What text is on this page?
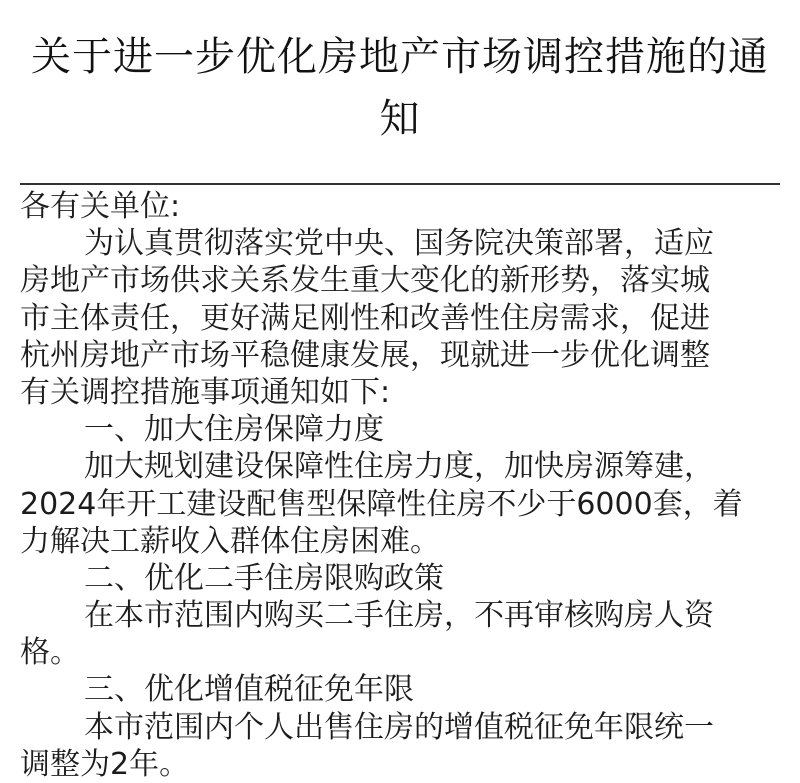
关于进一步优化房地产市场调控措施的通
知
各有关单位:
为认真贯彻落实党中央、国务院决策部署，适应
房地产市场供求关系发生重大变化的新形势，落实城
市主体责任，更好满足刚性和改善性住房需求，促进
杭州房地产市场平稳健康发展，现就进一步优化调整
有关调控措施事项通知如下:
一、加大住房保障力度
加大规划建设保障性住房力度，加快房源筹建，
2024年开工建设配售型保障性住房不少于6000套，着
力解决工薪收入群体住房困难。
二、优化二手住房限购政策
在本市范围内购买二手住房，不再审核购房人资
格。
三、优化增值税征免年限
本市范围内个人出售住房的增值税征免年限统一
调整为2年。
